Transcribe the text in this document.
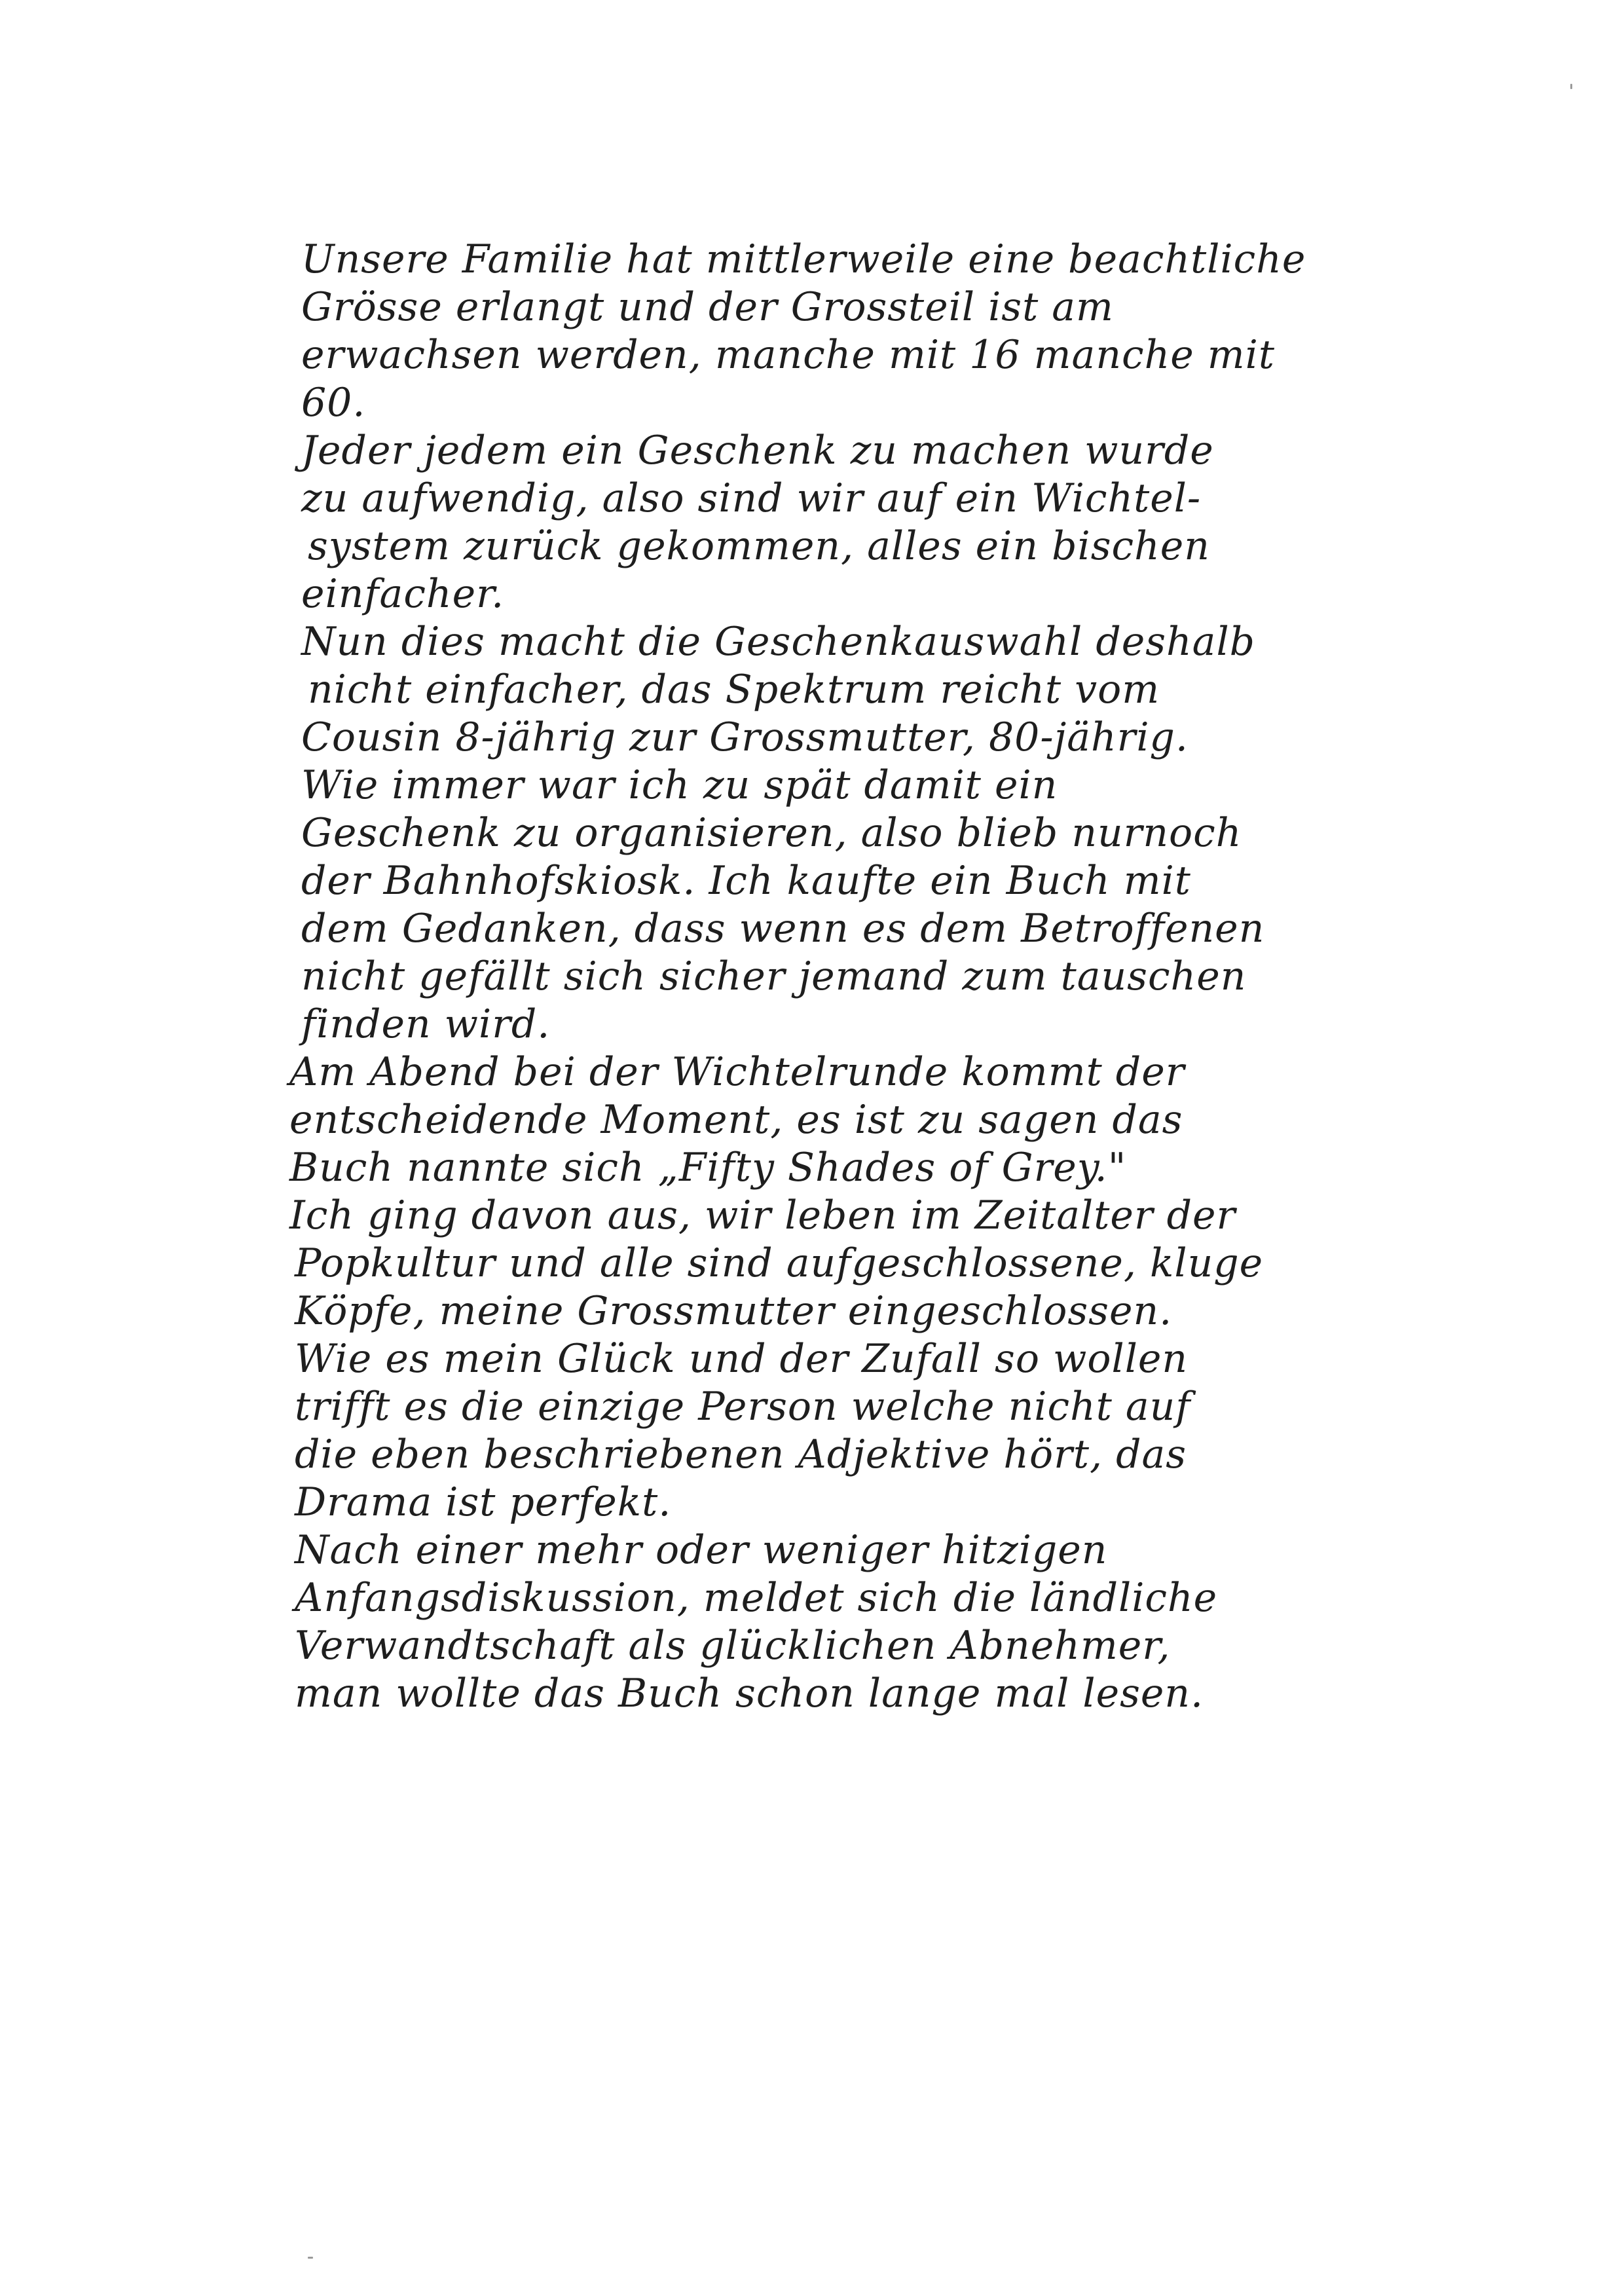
Unsere Familie hat mittlerweile eine beachtliche
Grösse erlangt und der Grossteil ist am
erwachsen werden, manche mit 16 manche mit
60.
Jeder jedem ein Geschenk zu machen wurde
zu aufwendig, also sind wir auf ein Wichtel-
system zurück gekommen, alles ein bischen
einfacher.
Nun dies macht die Geschenkauswahl deshalb
nicht einfacher, das Spektrum reicht vom
Cousin 8-jährig zur Grossmutter, 80-jährig.
Wie immer war ich zu spät damit ein
Geschenk zu organisieren, also blieb nurnoch
der Bahnhofskiosk. Ich kaufte ein Buch mit
dem Gedanken, dass wenn es dem Betroffenen
nicht gefällt sich sicher jemand zum tauschen
finden wird.
Am Abend bei der Wichtelrunde kommt der
entscheidende Moment, es ist zu sagen das
Buch nannte sich „Fifty Shades of Grey."
Ich ging davon aus, wir leben im Zeitalter der
Popkultur und alle sind aufgeschlossene, kluge
Köpfe, meine Grossmutter eingeschlossen.
Wie es mein Glück und der Zufall so wollen
trifft es die einzige Person welche nicht auf
die eben beschriebenen Adjektive hört, das
Drama ist perfekt.
Nach einer mehr oder weniger hitzigen
Anfangsdiskussion, meldet sich die ländliche
Verwandtschaft als glücklichen Abnehmer,
man wollte das Buch schon lange mal lesen.
